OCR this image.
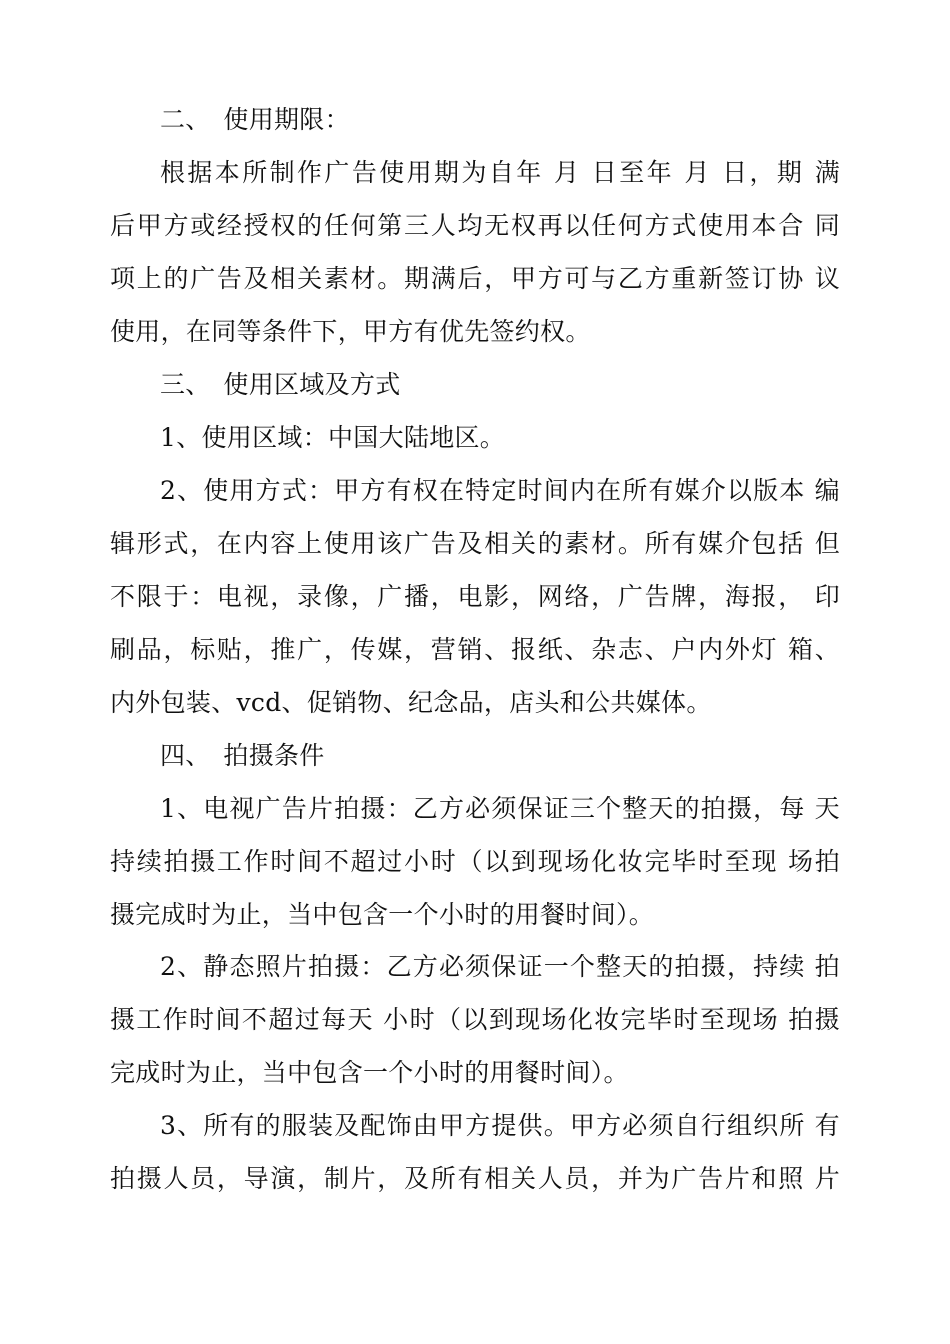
二、　使用期限：
根据本所制作广告使用期为自年 月 日至年 月 日，期 满
后甲方或经授权的任何第三人均无权再以任何方式使用本合 同
项上的广告及相关素材。期满后，甲方可与乙方重新签订协 议
使用，在同等条件下，甲方有优先签约权。
三、　使用区域及方式
1、使用区域：中国大陆地区。
2、使用方式：甲方有权在特定时间内在所有媒介以版本 编
辑形式，在内容上使用该广告及相关的素材。所有媒介包括 但
不限于：电视，录像，广播，电影，网络，广告牌，海报， 印
刷品，标贴，推广，传媒，营销、报纸、杂志、户内外灯 箱、
内外包装、vcd、促销物、纪念品，店头和公共媒体。
四、　拍摄条件
1、电视广告片拍摄：乙方必须保证三个整天的拍摄，每 天
持续拍摄工作时间不超过小时（以到现场化妆完毕时至现 场拍
摄完成时为止，当中包含一个小时的用餐时间）。
2、静态照片拍摄：乙方必须保证一个整天的拍摄，持续 拍
摄工作时间不超过每天 小时（以到现场化妆完毕时至现场 拍摄
完成时为止，当中包含一个小时的用餐时间）。
3、所有的服装及配饰由甲方提供。甲方必须自行组织所 有
拍摄人员，导演，制片，及所有相关人员，并为广告片和照 片
